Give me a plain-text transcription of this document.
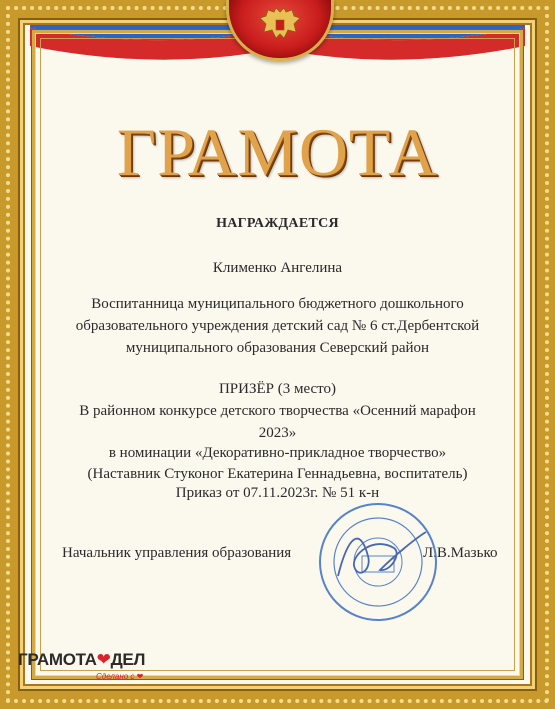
ГРАМОТА
НАГРАЖДАЕТСЯ
Клименко Ангелина
Воспитанница муниципального бюджетного дошкольного образовательного учреждения детский сад № 6 ст.Дербентской муниципального образования Северский район
ПРИЗЁР (3 место)
В районном конкурсе детского творчества «Осенний марафон 2023»
в номинации «Декоративно-прикладное творчество»
(Наставник Стуконог Екатерина Геннадьевна, воспитатель)
Приказ от 07.11.2023г. № 51 к-н
Начальник управления образования	Л.В.Мазько
ГРАМОТА❤ДЕЛ
Сделано с ❤
